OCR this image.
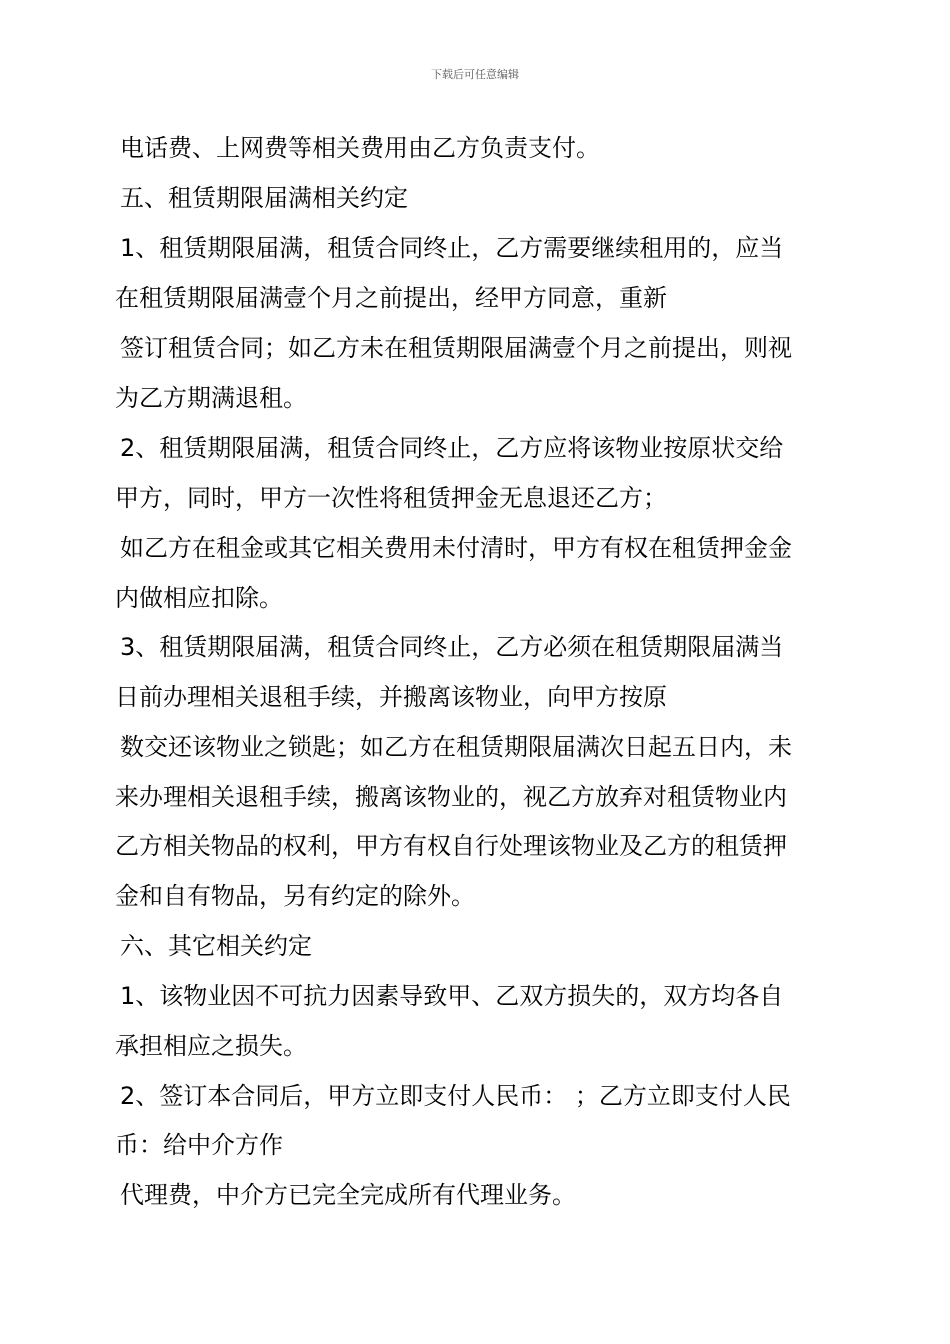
下载后可任意编辑
电话费、上网费等相关费用由乙方负责支付。
五、租赁期限届满相关约定
1、租赁期限届满，租赁合同终止，乙方需要继续租用的，应当
在租赁期限届满壹个月之前提出，经甲方同意，重新
签订租赁合同；如乙方未在租赁期限届满壹个月之前提出，则视
为乙方期满退租。
2、租赁期限届满，租赁合同终止，乙方应将该物业按原状交给
甲方，同时，甲方一次性将租赁押金无息退还乙方；
如乙方在租金或其它相关费用未付清时，甲方有权在租赁押金金
内做相应扣除。
3、租赁期限届满，租赁合同终止，乙方必须在租赁期限届满当
日前办理相关退租手续，并搬离该物业，向甲方按原
数交还该物业之锁匙；如乙方在租赁期限届满次日起五日内，未
来办理相关退租手续，搬离该物业的，视乙方放弃对租赁物业内
乙方相关物品的权利，甲方有权自行处理该物业及乙方的租赁押
金和自有物品，另有约定的除外。
六、其它相关约定
1、该物业因不可抗力因素导致甲、乙双方损失的，双方均各自
承担相应之损失。
2、签订本合同后，甲方立即支付人民币： ；乙方立即支付人民
币：给中介方作
代理费，中介方已完全完成所有代理业务。
